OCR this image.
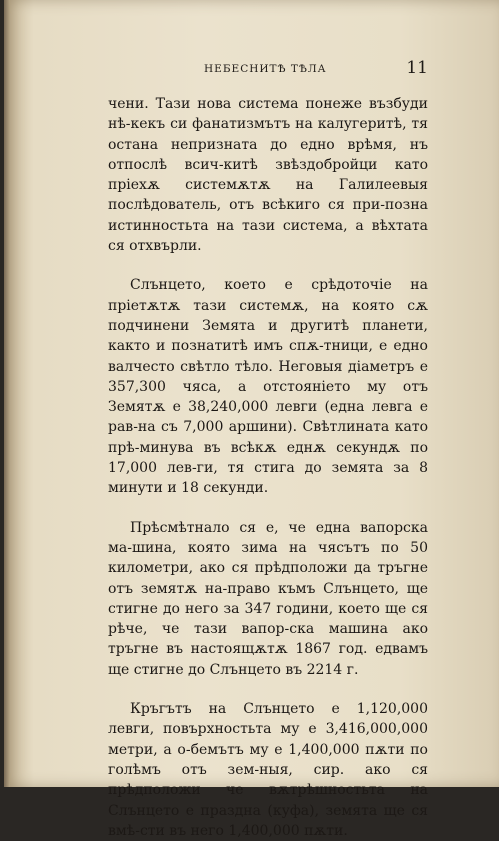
НЕБЕСНИТѢ ТѢЛА	11

чени. Тази нова система понеже възбуди нѣ-кекъ си фанатизмътъ на калугеритѣ, тя остана непризната до едно врѣмя, нъ отпослѣ всич-китѣ звѣздобройци като прiехѫ системѫтѫ на Галилеевыя послѣдователь, отъ всѣкиго ся при-позна истинностьта на тази система, а вѣхтата ся отхвърли.

Слънцето, което е срѣдоточiе на прiетѫтѫ тази системѫ, на която сѫ подчинени Земята и другитѣ планети, както и познатитѣ имъ спѫ-тници, е едно валчесто свѣтло тѣло. Неговыя дiаметръ е 357,300 чяса, а отстоянiето му отъ Земятѫ е 38,240,000 левги (една левга е рав-на съ 7,000 аршини). Свѣтлината като прѣ-минува въ всѣкѫ еднѫ секундѫ по 17,000 лев-ги, тя стига до земята за 8 минути и 18 секунди.

Прѣсмѣтнало ся е, че една вапорска ма-шина, която зима на чясътъ по 50 километри, ако ся прѣдположи да тръгне отъ земятѫ на-право къмъ Слънцето, ще стигне до него за 347 години, което ще ся рѣче, че тази вапор-ска машина ако тръгне въ настоящѫтѫ 1867 год. едвамъ ще стигне до Слънцето въ 2214 г.

Кръгътъ на Слънцето е 1,120,000 левги, повърхностьта му е 3,416,000,000 метри, а о-бемътъ му е 1,400,000 пѫти по голѣмъ отъ зем-ныя, сир. ако ся прѣдположи че вѫтрѣшностьта на Слънцето е праздна (куфа), земята ще ся вмѣ-сти въ него 1,400,000 пѫти.
